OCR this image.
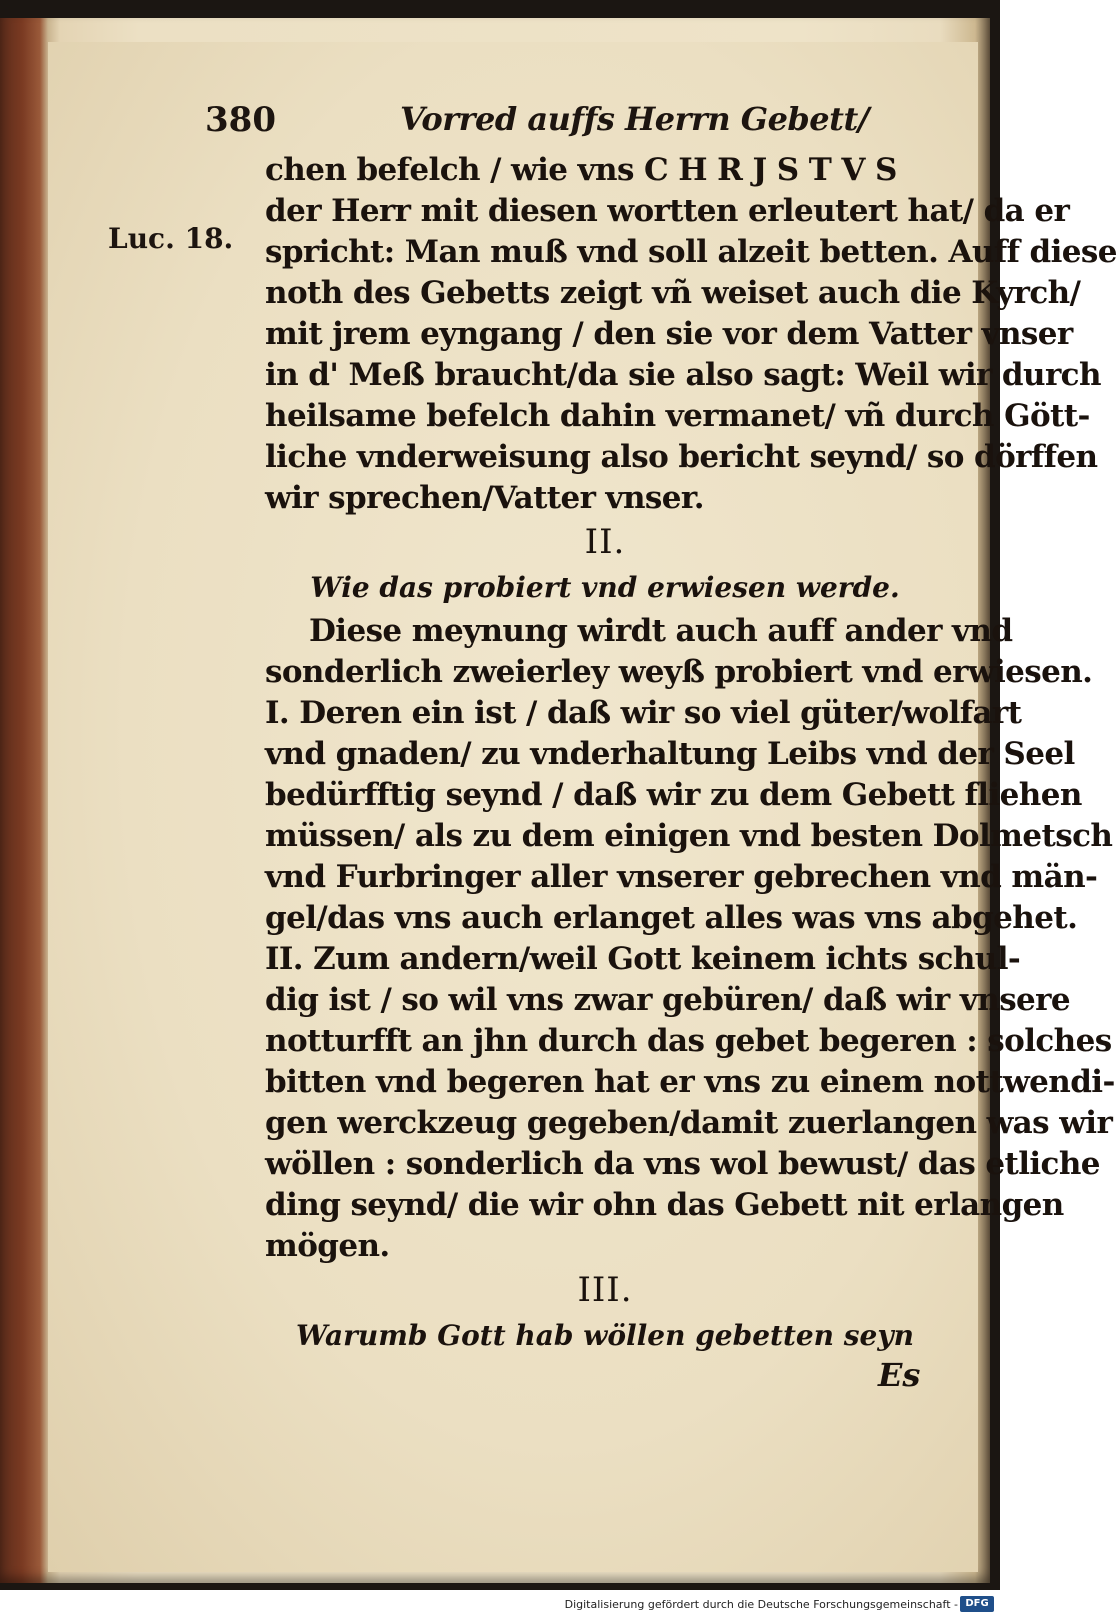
380	Vorred auffs Herrn Gebett/
Luc. 18.
chen befelch / wie vns C H R J S T V S
der Herr mit diesen wortten erleutert hat/ da er
spricht: Man muß vnd soll alzeit betten. Auff diese
noth des Gebetts zeigt vñ weiset auch die Kyrch/
mit jrem eyngang / den sie vor dem Vatter vnser
in d' Meß braucht/da sie also sagt: Weil wir durch
heilsame befelch dahin vermanet/ vñ durch Gött-
liche vnderweisung also bericht seynd/ so dörffen
wir sprechen/Vatter vnser.
II.
Wie das probiert vnd erwiesen werde.
Diese meynung wirdt auch auff ander vnd
sonderlich zweierley weyß probiert vnd erwiesen.
I. Deren ein ist / daß wir so viel güter/wolfart
vnd gnaden/ zu vnderhaltung Leibs vnd der Seel
bedürfftig seynd / daß wir zu dem Gebett fliehen
müssen/ als zu dem einigen vnd besten Dolmetsch
vnd Furbringer aller vnserer gebrechen vnd män-
gel/das vns auch erlanget alles was vns abgehet.
II. Zum andern/weil Gott keinem ichts schul-
dig ist / so wil vns zwar gebüren/ daß wir vnsere
notturfft an jhn durch das gebet begeren : solches
bitten vnd begeren hat er vns zu einem nottwendi-
gen werckzeug gegeben/damit zuerlangen was wir
wöllen : sonderlich da vns wol bewust/ das etliche
ding seynd/ die wir ohn das Gebett nit erlangen
mögen.
III.
Warumb Gott hab wöllen gebetten seyn
Es
Digitalisierung gefördert durch die Deutsche Forschungsgemeinschaft - DFG
